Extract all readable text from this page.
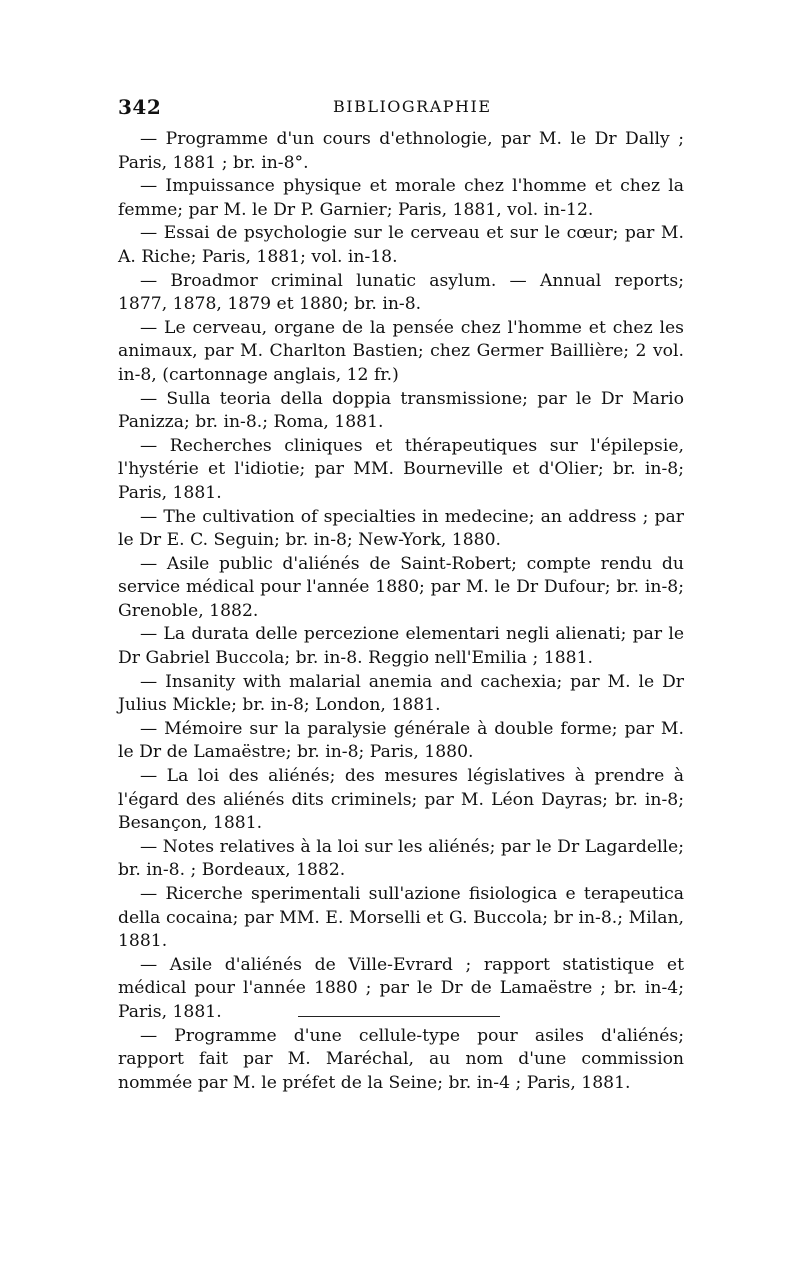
342	BIBLIOGRAPHIE

— Programme d'un cours d'ethnologie, par M. le Dr Dally ; Paris, 1881 ; br. in-8°.

— Impuissance physique et morale chez l'homme et chez la femme; par M. le Dr P. Garnier; Paris, 1881, vol. in-12.

— Essai de psychologie sur le cerveau et sur le cœur; par M. A. Riche; Paris, 1881; vol. in-18.

— Broadmor criminal lunatic asylum. — Annual reports; 1877, 1878, 1879 et 1880; br. in-8.

— Le cerveau, organe de la pensée chez l'homme et chez les animaux, par M. Charlton Bastien; chez Germer Baillière; 2 vol. in-8, (cartonnage anglais, 12 fr.)

— Sulla teoria della doppia transmissione; par le Dr Mario Panizza; br. in-8.; Roma, 1881.

— Recherches cliniques et thérapeutiques sur l'épilepsie, l'hystérie et l'idiotie; par MM. Bourneville et d'Olier; br. in-8; Paris, 1881.

— The cultivation of specialties in medecine; an address ; par le Dr E. C. Seguin; br. in-8; New-York, 1880.

— Asile public d'aliénés de Saint-Robert; compte rendu du service médical pour l'année 1880; par M. le Dr Dufour; br. in-8; Grenoble, 1882.

— La durata delle percezione elementari negli alienati; par le Dr Gabriel Buccola; br. in-8. Reggio nell'Emilia ; 1881.

— Insanity with malarial anemia and cachexia; par M. le Dr Julius Mickle; br. in-8; London, 1881.

— Mémoire sur la paralysie générale à double forme; par M. le Dr de Lamaëstre; br. in-8; Paris, 1880.

— La loi des aliénés; des mesures législatives à prendre à l'égard des aliénés dits criminels; par M. Léon Dayras; br. in-8; Besançon, 1881.

— Notes relatives à la loi sur les aliénés; par le Dr Lagardelle; br. in-8. ; Bordeaux, 1882.

— Ricerche sperimentali sull'azione fisiologica e terapeutica della cocaina; par MM. E. Morselli et G. Buccola; br in-8.; Milan, 1881.

— Asile d'aliénés de Ville-Evrard ; rapport statistique et médical pour l'année 1880 ; par le Dr de Lamaëstre ; br. in-4; Paris, 1881.

— Programme d'une cellule-type pour asiles d'aliénés; rapport fait par M. Maréchal, au nom d'une commission nommée par M. le préfet de la Seine; br. in-4 ; Paris, 1881.
